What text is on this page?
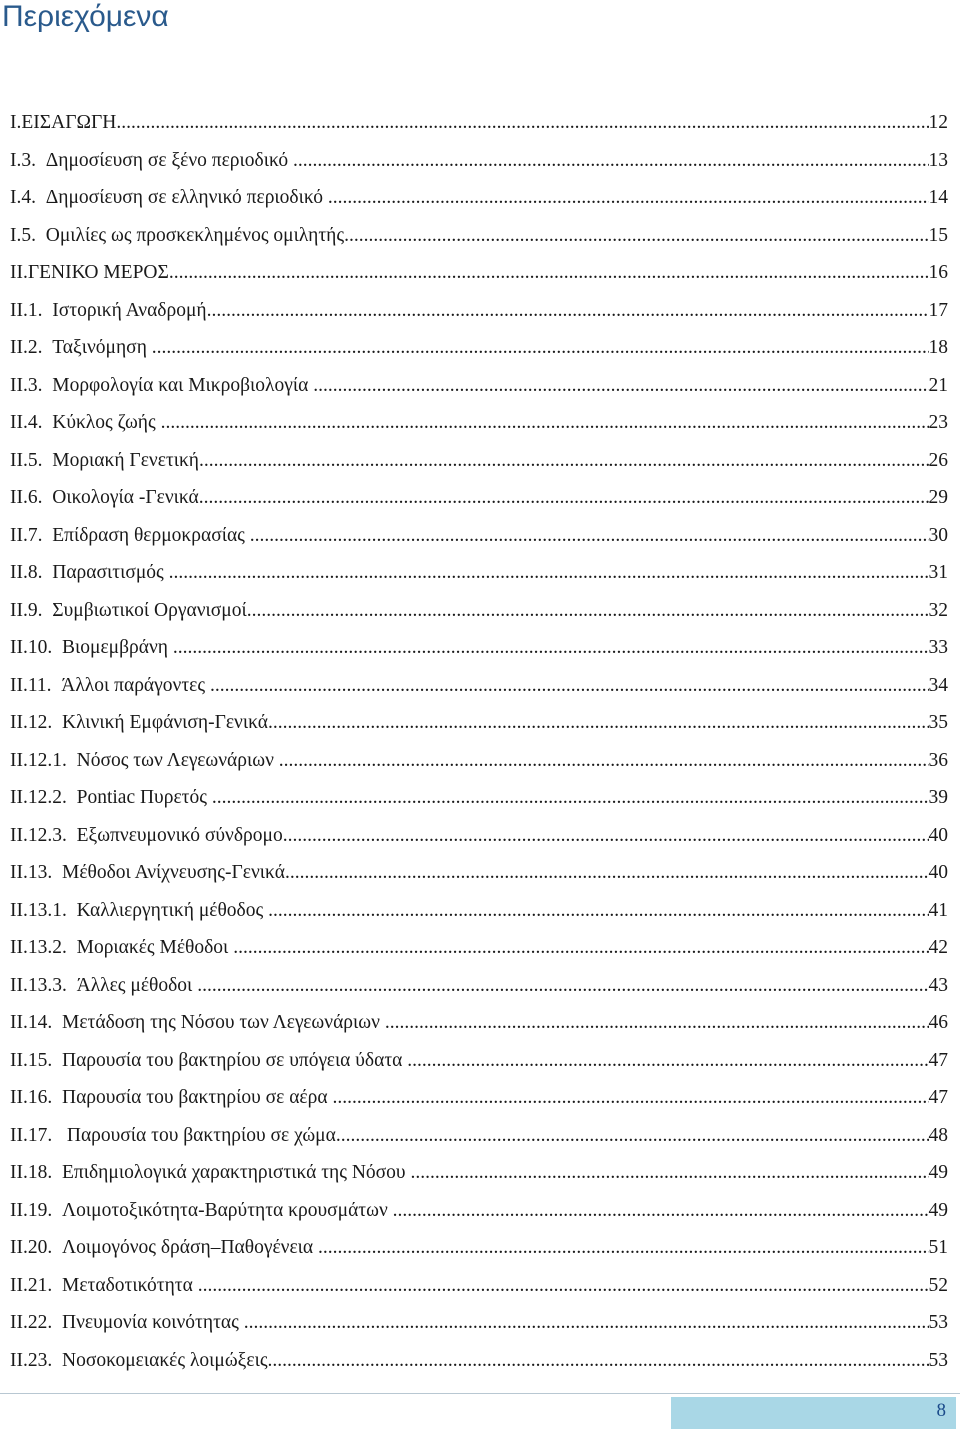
Περιεχόμενα
I.ΕΙΣΑΓΩΓΗ .....	12
I.3.  Δημοσίευση σε ξένο περιοδικό .....	13
I.4.  Δημοσίευση σε ελληνικό περιοδικό .....	14
I.5.  Ομιλίες ως προσκεκλημένος ομιλητής .....	15
II.ΓΕΝΙΚΟ ΜΕΡΟΣ .....	16
II.1.  Ιστορική Αναδρομή .....	17
II.2.  Ταξινόμηση .....	18
II.3.  Μορφολογία και Μικροβιολογία .....	21
II.4.  Κύκλος ζωής .....	23
II.5.  Μοριακή Γενετική .....	26
II.6.  Οικολογία -Γενικά .....	29
II.7.  Επίδραση θερμοκρασίας .....	30
II.8.  Παρασιτισμός .....	31
II.9.  Συμβιωτικοί Οργανισμοί .....	32
II.10.  Βιομεμβράνη .....	33
II.11.  Άλλοι παράγοντες .....	34
II.12.  Κλινική Εμφάνιση-Γενικά .....	35
II.12.1.  Νόσος των Λεγεωνάριων .....	36
II.12.2.  Pontiac Πυρετός .....	39
II.12.3.  Εξωπνευμονικό σύνδρομο .....	40
II.13.  Μέθοδοι Ανίχνευσης-Γενικά .....	40
II.13.1.  Καλλιεργητική μέθοδος .....	41
II.13.2.  Μοριακές Μέθοδοι .....	42
II.13.3.  Άλλες μέθοδοι .....	43
II.14.  Μετάδοση της Νόσου των Λεγεωνάριων .....	46
II.15.  Παρουσία του βακτηρίου σε υπόγεια ύδατα .....	47
II.16.  Παρουσία του βακτηρίου σε αέρα .....	47
II.17.   Παρουσία του βακτηρίου σε χώμα .....	48
II.18.  Επιδημιολογικά χαρακτηριστικά της Νόσου .....	49
II.19.  Λοιμοτοξικότητα-Βαρύτητα κρουσμάτων .....	49
II.20.  Λοιμογόνος δράση–Παθογένεια .....	51
II.21.  Μεταδοτικότητα .....	52
II.22.  Πνευμονία κοινότητας .....	53
II.23.  Νοσοκομειακές λοιμώξεις .....	53
8
